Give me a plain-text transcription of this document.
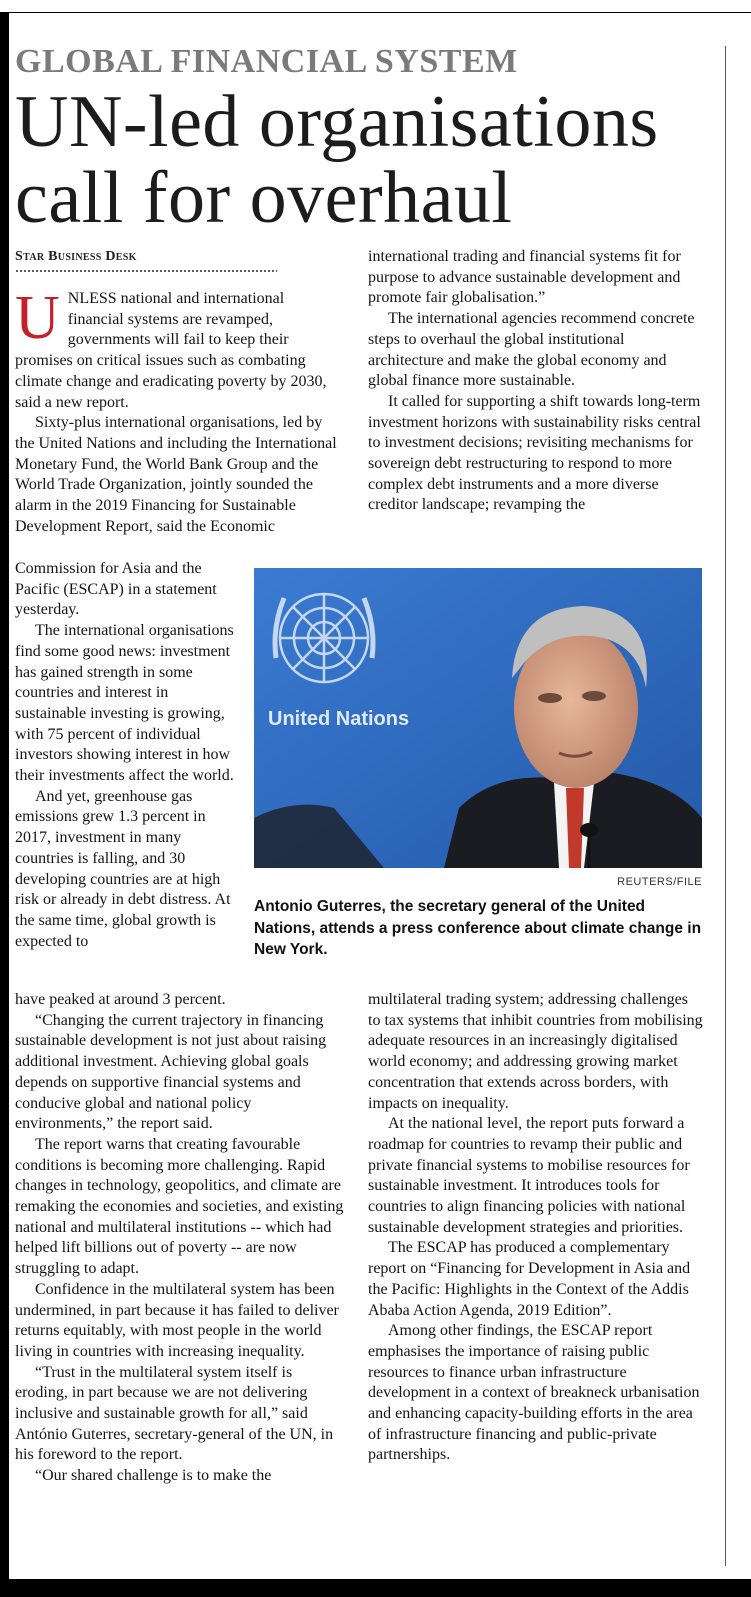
GLOBAL FINANCIAL SYSTEM
UN-led organisations
call for overhaul
Star Business Desk

UNLESS national and international financial systems are revamped, governments will fail to keep their promises on critical issues such as combating climate change and eradicating poverty by 2030, said a new report.

Sixty-plus international organisations, led by the United Nations and including the International Monetary Fund, the World Bank Group and the World Trade Organization, jointly sounded the alarm in the 2019 Financing for Sustainable Development Report, said the Economic

Commission for Asia and the Pacific (ESCAP) in a statement yesterday.

The international organisations find some good news: investment has gained strength in some countries and interest in sustainable investing is growing, with 75 percent of individual investors showing interest in how their investments affect the world.

And yet, greenhouse gas emissions grew 1.3 percent in 2017, investment in many countries is falling, and 30 developing countries are at high risk or already in debt distress. At the same time, global growth is expected to

have peaked at around 3 percent.

“Changing the current trajectory in financing sustainable development is not just about raising additional investment. Achieving global goals depends on supportive financial systems and conducive global and national policy environments,” the report said.

The report warns that creating favourable conditions is becoming more challenging. Rapid changes in technology, geopolitics, and climate are remaking the economies and societies, and existing national and multilateral institutions -- which had helped lift billions out of poverty -- are now struggling to adapt.

Confidence in the multilateral system has been undermined, in part because it has failed to deliver returns equitably, with most people in the world living in countries with increasing inequality.

“Trust in the multilateral system itself is eroding, in part because we are not delivering inclusive and sustainable growth for all,” said António Guterres, secretary-general of the UN, in his foreword to the report.

“Our shared challenge is to make the

international trading and financial systems fit for purpose to advance sustainable development and promote fair globalisation.”

The international agencies recommend concrete steps to overhaul the global institutional architecture and make the global economy and global finance more sustainable.

It called for supporting a shift towards long-term investment horizons with sustainability risks central to investment decisions; revisiting mechanisms for sovereign debt restructuring to respond to more complex debt instruments and a more diverse creditor landscape; revamping the

United Nations
REUTERS/FILE
Antonio Guterres, the secretary general of the United Nations, attends a press conference about climate change in New York.

multilateral trading system; addressing challenges to tax systems that inhibit countries from mobilising adequate resources in an increasingly digitalised world economy; and addressing growing market concentration that extends across borders, with impacts on inequality.

At the national level, the report puts forward a roadmap for countries to revamp their public and private financial systems to mobilise resources for sustainable investment. It introduces tools for countries to align financing policies with national sustainable development strategies and priorities.

The ESCAP has produced a complementary report on “Financing for Development in Asia and the Pacific: Highlights in the Context of the Addis Ababa Action Agenda, 2019 Edition”.

Among other findings, the ESCAP report emphasises the importance of raising public resources to finance urban infrastructure development in a context of breakneck urbanisation and enhancing capacity-building efforts in the area of infrastructure financing and public-private partnerships.
